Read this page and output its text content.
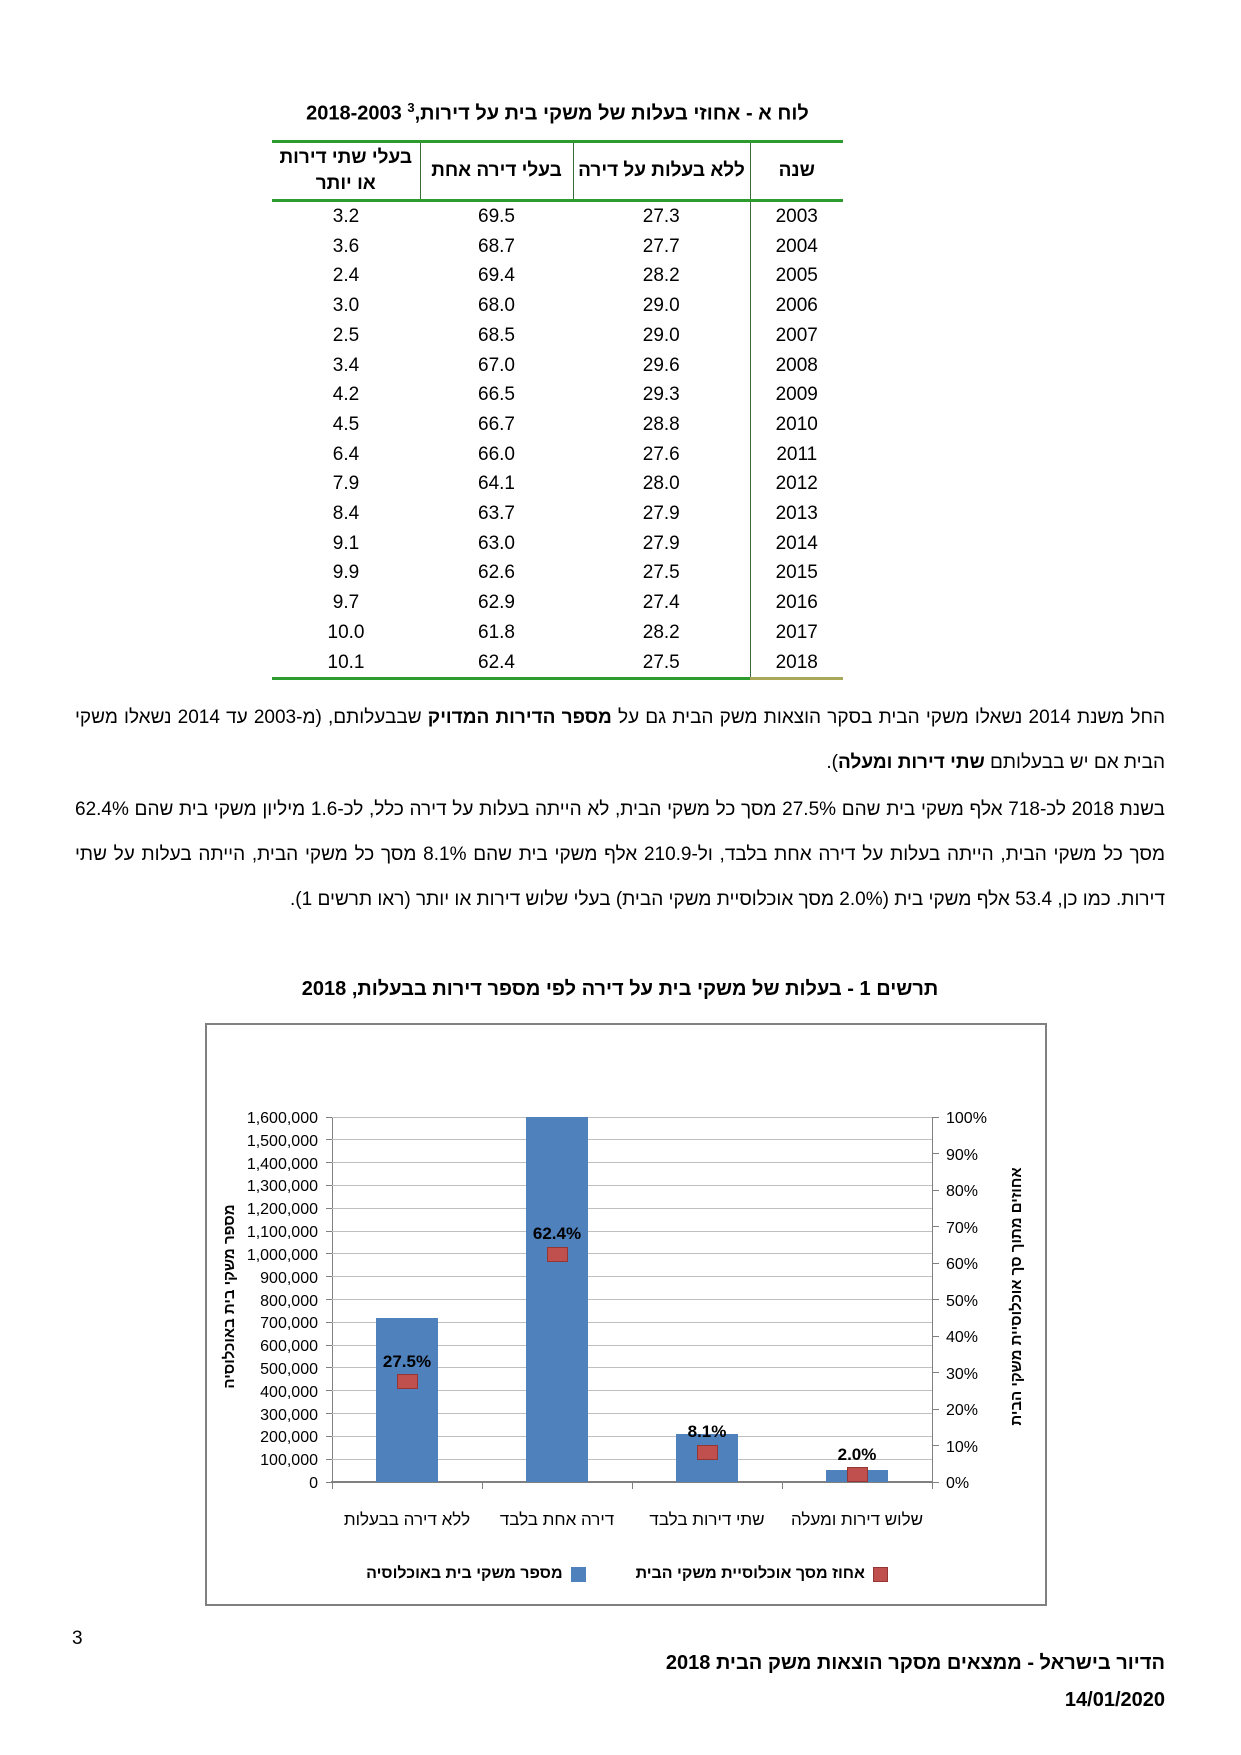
לוח א - אחוזי בעלות של משקי בית על דירות,$^3$ 2018-2003
שנה	ללא בעלות על דירה	בעלי דירה אחת	בעלי שתי דירות או יותר
2003	27.3	69.5	3.2
2004	27.7	68.7	3.6
2005	28.2	69.4	2.4
2006	29.0	68.0	3.0
2007	29.0	68.5	2.5
2008	29.6	67.0	3.4
2009	29.3	66.5	4.2
2010	28.8	66.7	4.5
2011	27.6	66.0	6.4
2012	28.0	64.1	7.9
2013	27.9	63.7	8.4
2014	27.9	63.0	9.1
2015	27.5	62.6	9.9
2016	27.4	62.9	9.7
2017	28.2	61.8	10.0
2018	27.5	62.4	10.1

החל משנת 2014 נשאלו משקי הבית בסקר הוצאות משק הבית גם על מספר הדירות המדויק שבבעלותם, (מ-2003 עד 2014 נשאלו משקי הבית אם יש בבעלותם שתי דירות ומעלה).

בשנת 2018 לכ-718 אלף משקי בית שהם 27.5% מסך כל משקי הבית, לא הייתה בעלות על דירה כלל, לכ-1.6 מיליון משקי בית שהם 62.4% מסך כל משקי הבית, הייתה בעלות על דירה אחת בלבד, ול-210.9 אלף משקי בית שהם 8.1% מסך כל משקי הבית, הייתה בעלות על שתי דירות. כמו כן, 53.4 אלף משקי בית (2.0% מסך אוכלוסיית משקי הבית) בעלי שלוש דירות או יותר (ראו תרשים 1).

תרשים 1 - בעלות של משקי בית על דירה לפי מספר דירות בבעלות, 2018
0
100,000
200,000
300,000
400,000
500,000
600,000
700,000
800,000
900,000
1,000,000
1,100,000
1,200,000
1,300,000
1,400,000
1,500,000
1,600,000
0%
10%
20%
30%
40%
50%
60%
70%
80%
90%
100%
27.5%
ללא דירה בבעלות
62.4%
דירה אחת בלבד
8.1%
שתי דירות בלבד
2.0%
שלוש דירות ומעלה
מספר משקי בית באוכלוסיה	אחוזים מתוך סך אוכלוסיית משקי הבית
אחוז מסך אוכלוסיית משקי הבית
מספר משקי בית באוכלוסיה
הדיור בישראל - ממצאים מסקר הוצאות משק הבית 2018
14/01/2020
3
